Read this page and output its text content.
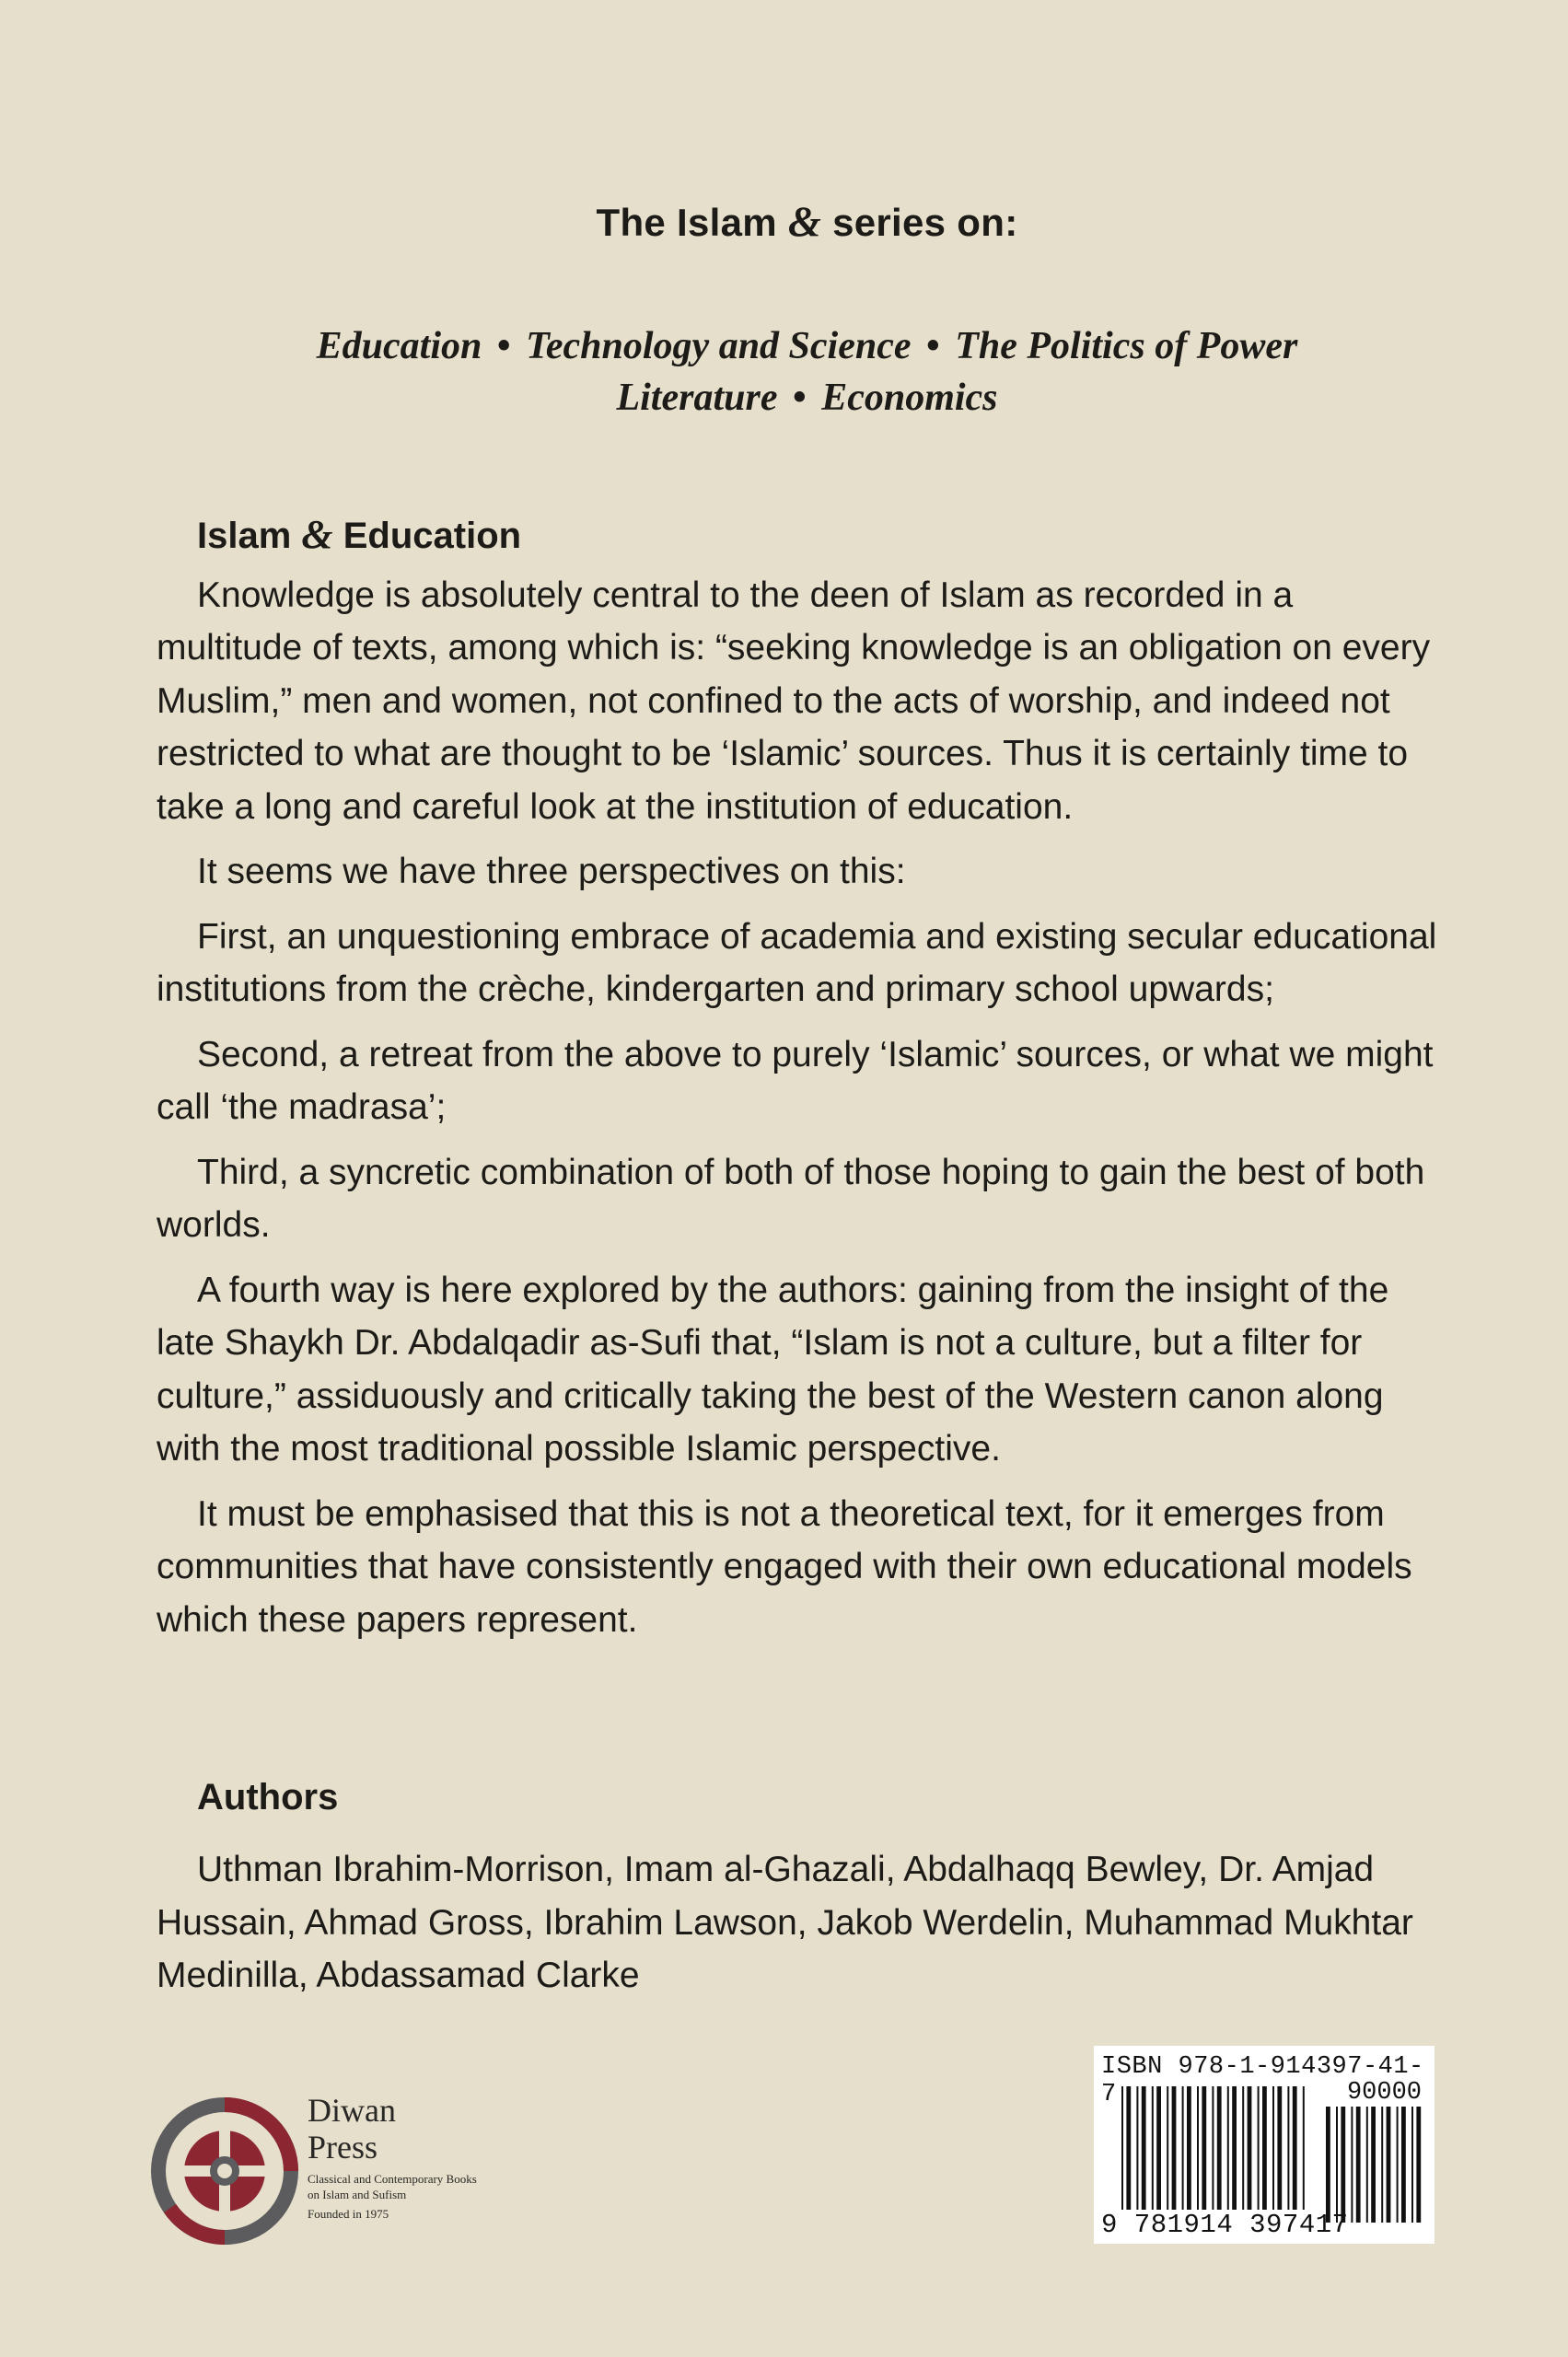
The Islam & series on:
Education • Technology and Science • The Politics of Power
Literature • Economics
Islam & Education

Knowledge is absolutely central to the deen of Islam as recorded in a multitude of texts, among which is: “seeking knowledge is an obligation on every Muslim,” men and women, not confined to the acts of worship, and indeed not restricted to what are thought to be ‘Islamic’ sources. Thus it is certainly time to take a long and careful look at the institution of education.

It seems we have three perspectives on this:

First, an unquestioning embrace of academia and existing secular educational institutions from the crèche, kindergarten and primary school upwards;

Second, a retreat from the above to purely ‘Islamic’ sources, or what we might call ‘the madrasa’;

Third, a syncretic combination of both of those hoping to gain the best of both worlds.

A fourth way is here explored by the authors: gaining from the insight of the late Shaykh Dr. Abdalqadir as-Sufi that, “Islam is not a culture, but a filter for culture,” assiduously and critically taking the best of the Western canon along with the most traditional possible Islamic perspective.

It must be emphasised that this is not a theoretical text, for it emerges from communities that have consistently engaged with their own educational models which these papers represent.

Authors
Uthman Ibrahim-Morrison, Imam al-Ghazali, Abdalhaqq Bewley, Dr. Amjad Hussain, Ahmad Gross, Ibrahim Lawson, Jakob Werdelin, Muhammad Mukhtar Medinilla, Abdassamad Clarke
Diwan
Press
Classical and Contemporary Books on Islam and Sufism
Founded in 1975
ISBN 978-1-914397-41-7	90000
9 781914 397417
